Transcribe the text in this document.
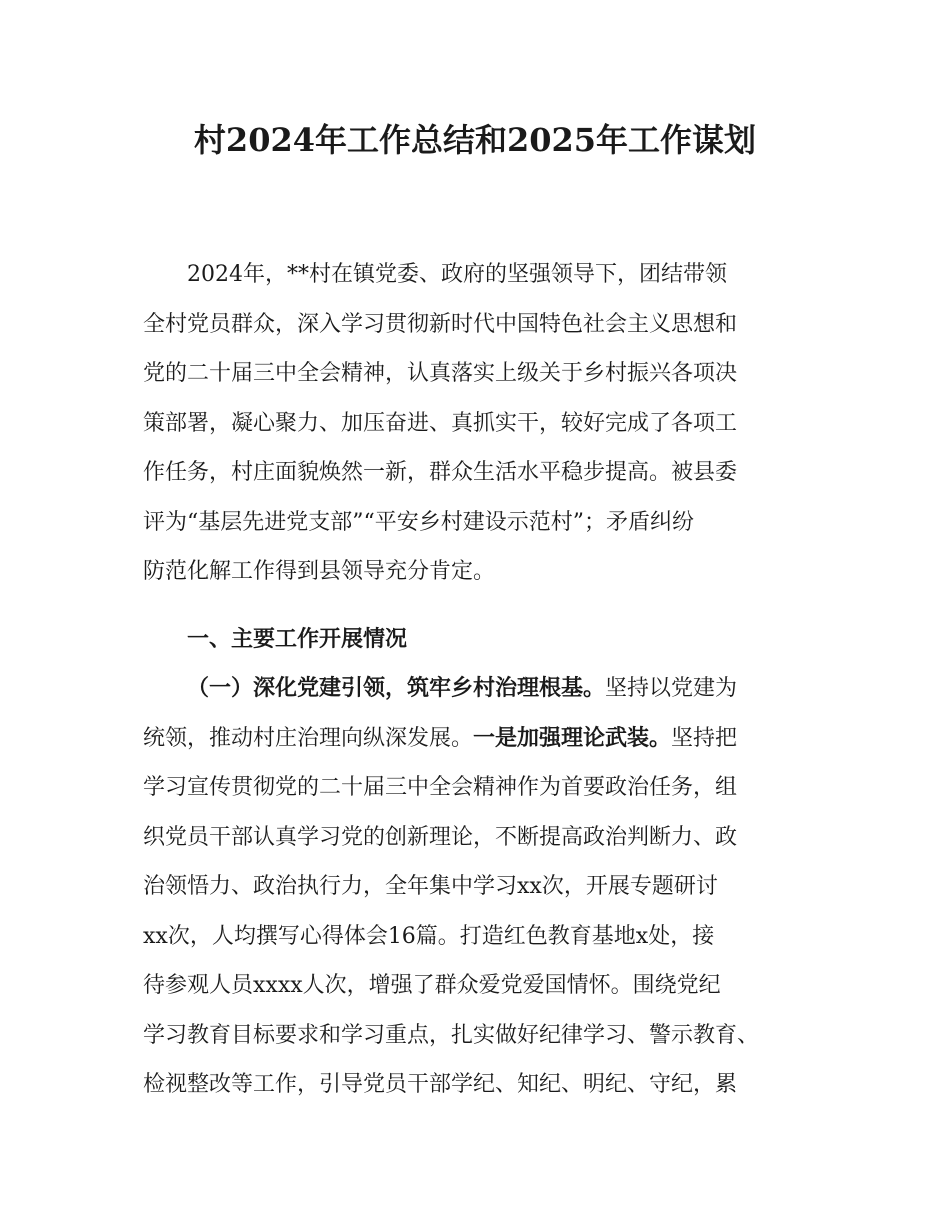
村2024年工作总结和2025年工作谋划
2024年，**村在镇党委、政府的坚强领导下，团结带领
全村党员群众，深入学习贯彻新时代中国特色社会主义思想和
党的二十届三中全会精神，认真落实上级关于乡村振兴各项决
策部署，凝心聚力、加压奋进、真抓实干，较好完成了各项工
作任务，村庄面貌焕然一新，群众生活水平稳步提高。被县委
评为“基层先进党支部”“平安乡村建设示范村”；矛盾纠纷
防范化解工作得到县领导充分肯定。
一、主要工作开展情况
（一）深化党建引领，筑牢乡村治理根基。坚持以党建为
统领，推动村庄治理向纵深发展。一是加强理论武装。坚持把
学习宣传贯彻党的二十届三中全会精神作为首要政治任务，组
织党员干部认真学习党的创新理论，不断提高政治判断力、政
治领悟力、政治执行力，全年集中学习xx次，开展专题研讨
xx次，人均撰写心得体会16篇。打造红色教育基地x处，接
待参观人员xxxx人次，增强了群众爱党爱国情怀。围绕党纪
学习教育目标要求和学习重点，扎实做好纪律学习、警示教育、
检视整改等工作，引导党员干部学纪、知纪、明纪、守纪，累
